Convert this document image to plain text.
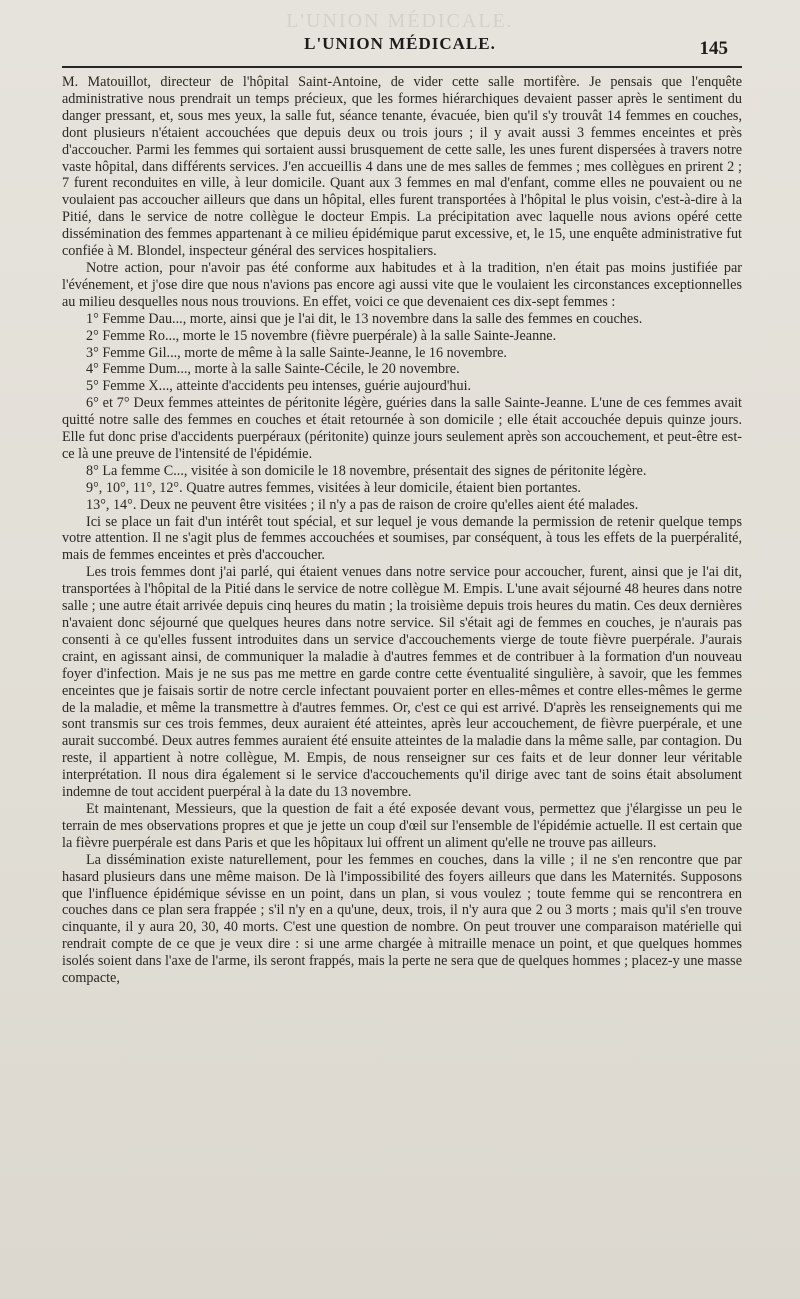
L'UNION MÉDICALE.
L'UNION MÉDICALE.	145

M. Matouillot, directeur de l'hôpital Saint-Antoine, de vider cette salle mortifère. Je pensais que l'enquête administrative nous prendrait un temps précieux, que les formes hiérarchiques devaient passer après le sentiment du danger pressant, et, sous mes yeux, la salle fut, séance tenante, évacuée, bien qu'il s'y trouvât 14 femmes en couches, dont plusieurs n'étaient accouchées que depuis deux ou trois jours ; il y avait aussi 3 femmes enceintes et près d'accoucher. Parmi les femmes qui sortaient aussi brusquement de cette salle, les unes furent dispersées à travers notre vaste hôpital, dans différents services. J'en accueillis 4 dans une de mes salles de femmes ; mes collègues en prirent 2 ; 7 furent reconduites en ville, à leur domicile. Quant aux 3 femmes en mal d'enfant, comme elles ne pouvaient ou ne voulaient pas accoucher ailleurs que dans un hôpital, elles furent transportées à l'hôpital le plus voisin, c'est-à-dire à la Pitié, dans le service de notre collègue le docteur Empis. La précipitation avec laquelle nous avions opéré cette dissémination des femmes appartenant à ce milieu épidémique parut excessive, et, le 15, une enquête administrative fut confiée à M. Blondel, inspecteur général des services hospitaliers.

Notre action, pour n'avoir pas été conforme aux habitudes et à la tradition, n'en était pas moins justifiée par l'événement, et j'ose dire que nous n'avions pas encore agi aussi vite que le voulaient les circonstances exceptionnelles au milieu desquelles nous nous trouvions. En effet, voici ce que devenaient ces dix-sept femmes :

1° Femme Dau..., morte, ainsi que je l'ai dit, le 13 novembre dans la salle des femmes en couches.

2° Femme Ro..., morte le 15 novembre (fièvre puerpérale) à la salle Sainte-Jeanne.

3° Femme Gil..., morte de même à la salle Sainte-Jeanne, le 16 novembre.

4° Femme Dum..., morte à la salle Sainte-Cécile, le 20 novembre.

5° Femme X..., atteinte d'accidents peu intenses, guérie aujourd'hui.

6° et 7° Deux femmes atteintes de péritonite légère, guéries dans la salle Sainte-Jeanne. L'une de ces femmes avait quitté notre salle des femmes en couches et était retournée à son domicile ; elle était accouchée depuis quinze jours. Elle fut donc prise d'accidents puerpéraux (péritonite) quinze jours seulement après son accouchement, et peut-être est-ce là une preuve de l'intensité de l'épidémie.

8° La femme C..., visitée à son domicile le 18 novembre, présentait des signes de péritonite légère.

9°, 10°, 11°, 12°. Quatre autres femmes, visitées à leur domicile, étaient bien portantes.

13°, 14°. Deux ne peuvent être visitées ; il n'y a pas de raison de croire qu'elles aient été malades.

Ici se place un fait d'un intérêt tout spécial, et sur lequel je vous demande la permission de retenir quelque temps votre attention. Il ne s'agit plus de femmes accouchées et soumises, par conséquent, à tous les effets de la puerpéralité, mais de femmes enceintes et près d'accoucher.

Les trois femmes dont j'ai parlé, qui étaient venues dans notre service pour accoucher, furent, ainsi que je l'ai dit, transportées à l'hôpital de la Pitié dans le service de notre collègue M. Empis. L'une avait séjourné 48 heures dans notre salle ; une autre était arrivée depuis cinq heures du matin ; la troisième depuis trois heures du matin. Ces deux dernières n'avaient donc séjourné que quelques heures dans notre service. Sil s'était agi de femmes en couches, je n'aurais pas consenti à ce qu'elles fussent introduites dans un service d'accouchements vierge de toute fièvre puerpérale. J'aurais craint, en agissant ainsi, de communiquer la maladie à d'autres femmes et de contribuer à la formation d'un nouveau foyer d'infection. Mais je ne sus pas me mettre en garde contre cette éventualité singulière, à savoir, que les femmes enceintes que je faisais sortir de notre cercle infectant pouvaient porter en elles-mêmes et contre elles-mêmes le germe de la maladie, et même la transmettre à d'autres femmes. Or, c'est ce qui est arrivé. D'après les renseignements qui me sont transmis sur ces trois femmes, deux auraient été atteintes, après leur accouchement, de fièvre puerpérale, et une aurait succombé. Deux autres femmes auraient été ensuite atteintes de la maladie dans la même salle, par contagion. Du reste, il appartient à notre collègue, M. Empis, de nous renseigner sur ces faits et de leur donner leur véritable interprétation. Il nous dira également si le service d'accouchements qu'il dirige avec tant de soins était absolument indemne de tout accident puerpéral à la date du 13 novembre.

Et maintenant, Messieurs, que la question de fait a été exposée devant vous, permettez que j'élargisse un peu le terrain de mes observations propres et que je jette un coup d'œil sur l'ensemble de l'épidémie actuelle. Il est certain que la fièvre puerpérale est dans Paris et que les hôpitaux lui offrent un aliment qu'elle ne trouve pas ailleurs.

La dissémination existe naturellement, pour les femmes en couches, dans la ville ; il ne s'en rencontre que par hasard plusieurs dans une même maison. De là l'impossibilité des foyers ailleurs que dans les Maternités. Supposons que l'influence épidémique sévisse en un point, dans un plan, si vous voulez ; toute femme qui se rencontrera en couches dans ce plan sera frappée ; s'il n'y en a qu'une, deux, trois, il n'y aura que 2 ou 3 morts ; mais qu'il s'en trouve cinquante, il y aura 20, 30, 40 morts. C'est une question de nombre. On peut trouver une comparaison matérielle qui rendrait compte de ce que je veux dire : si une arme chargée à mitraille menace un point, et que quelques hommes isolés soient dans l'axe de l'arme, ils seront frappés, mais la perte ne sera que de quelques hommes ; placez-y une masse compacte,
